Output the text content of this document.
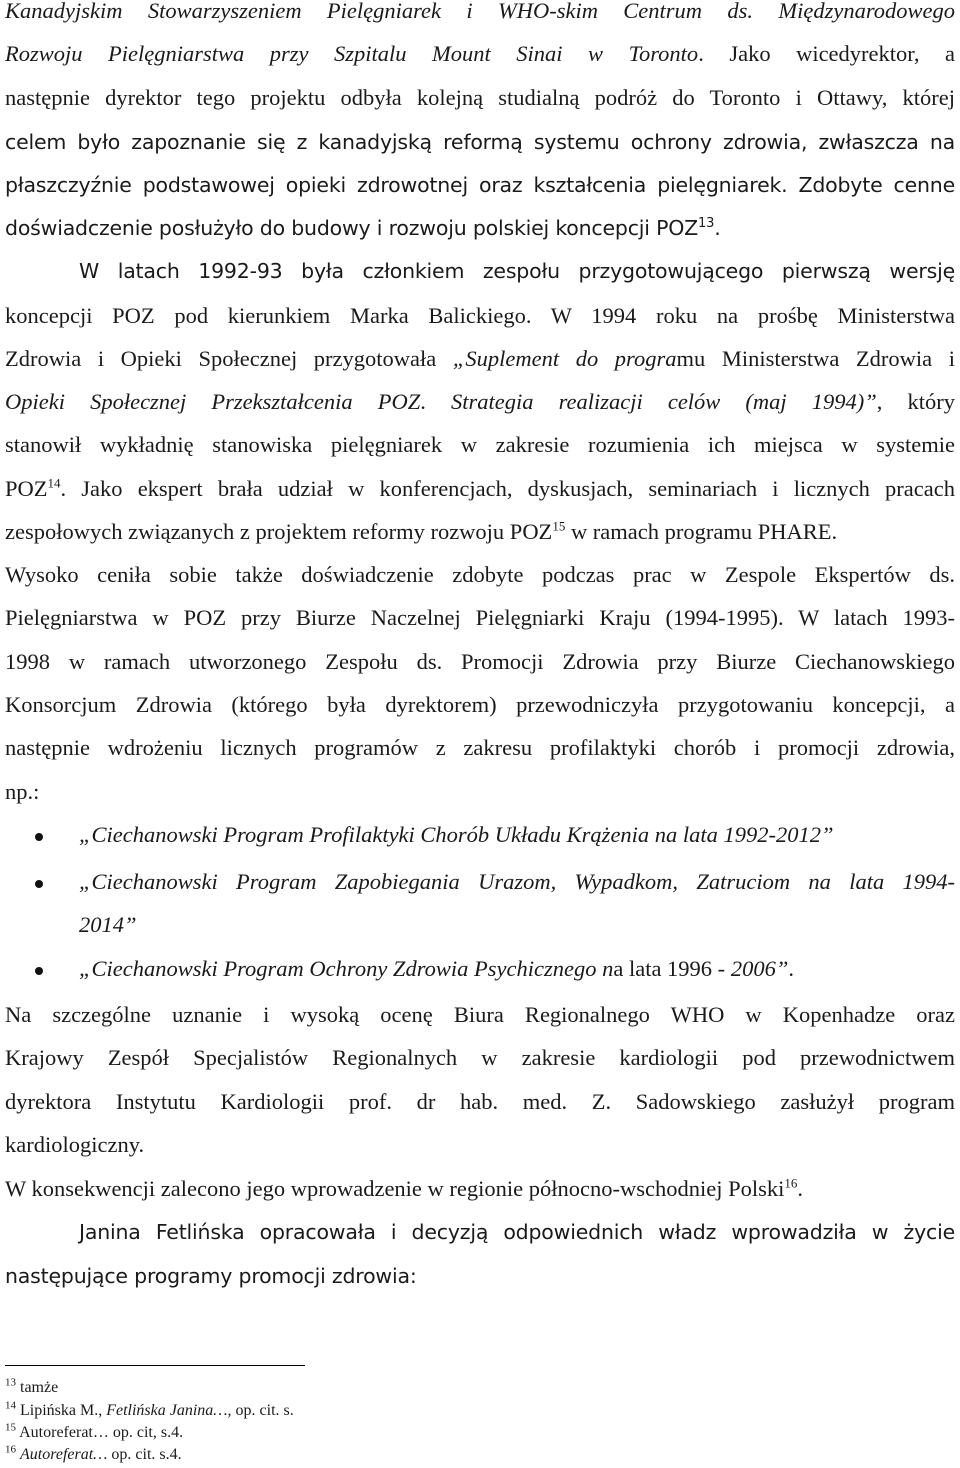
Kanadyjskim Stowarzyszeniem Pielęgniarek i WHO-skim Centrum ds. Międzynarodowego
Rozwoju Pielęgniarstwa przy Szpitalu Mount Sinai w Toronto. Jako wicedyrektor, a
następnie dyrektor tego projektu odbyła kolejną studialną podróż do Toronto i Ottawy, której
celem było zapoznanie się z kanadyjską reformą systemu ochrony zdrowia, zwłaszcza na
płaszczyźnie podstawowej opieki zdrowotnej oraz kształcenia pielęgniarek. Zdobyte cenne
doświadczenie posłużyło do budowy i rozwoju polskiej koncepcji POZ$^{13}$.
W latach 1992-93 była członkiem zespołu przygotowującego pierwszą wersję
koncepcji POZ pod kierunkiem Marka Balickiego. W 1994 roku na prośbę Ministerstwa
Zdrowia i Opieki Społecznej przygotowała „Suplement do programu Ministerstwa Zdrowia i
Opieki Społecznej Przekształcenia POZ. Strategia realizacji celów (maj 1994)”, który
stanowił wykładnię stanowiska pielęgniarek w zakresie rozumienia ich miejsca w systemie
POZ$^{14}$. Jako ekspert brała udział w konferencjach, dyskusjach, seminariach i licznych pracach
zespołowych związanych z projektem reformy rozwoju POZ$^{15}$ w ramach programu PHARE.
Wysoko ceniła sobie także doświadczenie zdobyte podczas prac w Zespole Ekspertów ds.
Pielęgniarstwa w POZ przy Biurze Naczelnej Pielęgniarki Kraju (1994-1995). W latach 1993-
1998 w ramach utworzonego Zespołu ds. Promocji Zdrowia przy Biurze Ciechanowskiego
Konsorcjum Zdrowia (którego była dyrektorem) przewodniczyła przygotowaniu koncepcji, a
następnie wdrożeniu licznych programów z zakresu profilaktyki chorób i promocji zdrowia,
np.:
„Ciechanowski Program Profilaktyki Chorób Układu Krążenia na lata 1992-2012”
„Ciechanowski Program Zapobiegania Urazom, Wypadkom, Zatruciom na lata 1994-
2014”
„Ciechanowski Program Ochrony Zdrowia Psychicznego na lata 1996 - 2006”.
Na szczególne uznanie i wysoką ocenę Biura Regionalnego WHO w Kopenhadze oraz
Krajowy Zespół Specjalistów Regionalnych w zakresie kardiologii pod przewodnictwem
dyrektora Instytutu Kardiologii prof. dr hab. med. Z. Sadowskiego zasłużył program
kardiologiczny.
W konsekwencji zalecono jego wprowadzenie w regionie północno-wschodniej Polski$^{16}$.
Janina Fetlińska opracowała i decyzją odpowiednich władz wprowadziła w życie
następujące programy promocji zdrowia:
$^{13}$ tamże
$^{14}$ Lipińska M., Fetlińska Janina…, op. cit. s.
$^{15}$ Autoreferat… op. cit, s.4.
$^{16}$ Autoreferat… op. cit. s.4.
